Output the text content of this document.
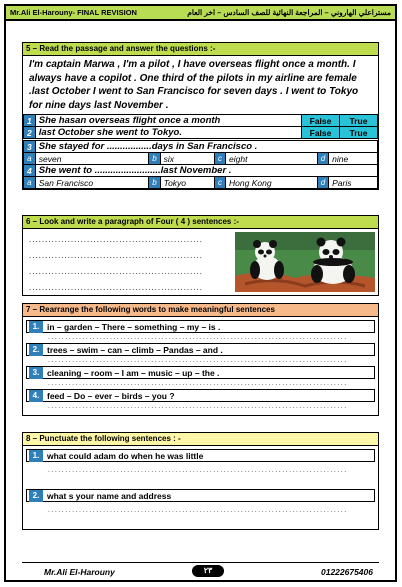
Mr.Ali El-Harouny- FINAL REVISION	مستراعلي الهاروني – المراجعة النهائية للصف السادس – اخر العام
5 – Read the passage and answer the questions :-
I'm captain Marwa , I'm a pilot , I have overseas flight once a month. I always have a copilot . One third of the pilots in my airline are female .last October I went to San Francisco for seven days . I went to Tokyo for nine days last November .
1	She hasan overseas flight once a month	False	True
2	last October she went to Tokyo.	False	True
3	She stayed for .................days in San Francisco .						
a	seven	b	six	c	eight	d	nine
4	She went to .........................last November .						
a	San Francisco	b	Tokyo	c	Hong Kong	d	Paris
6 – Look and write a paragraph of Four ( 4 ) sentences :-
......................................................
......................................................
......................................................
......................................................
7 – Rearrange the following words to make meaningful sentences
1. in – garden – There – something – my – is .
.......................................................................................
2. trees – swim – can – climb – Pandas – and .
.......................................................................................
3. cleaning – room – I am – music – up – the .
.......................................................................................
4. feed – Do – ever – birds – you ?
.......................................................................................
8 – Punctuate the following sentences : -
1. what could adam do when he was little
.......................................................................................
2. what s your name and address
.......................................................................................
Mr.Ali El-Harouny	٢٣	01222675406
